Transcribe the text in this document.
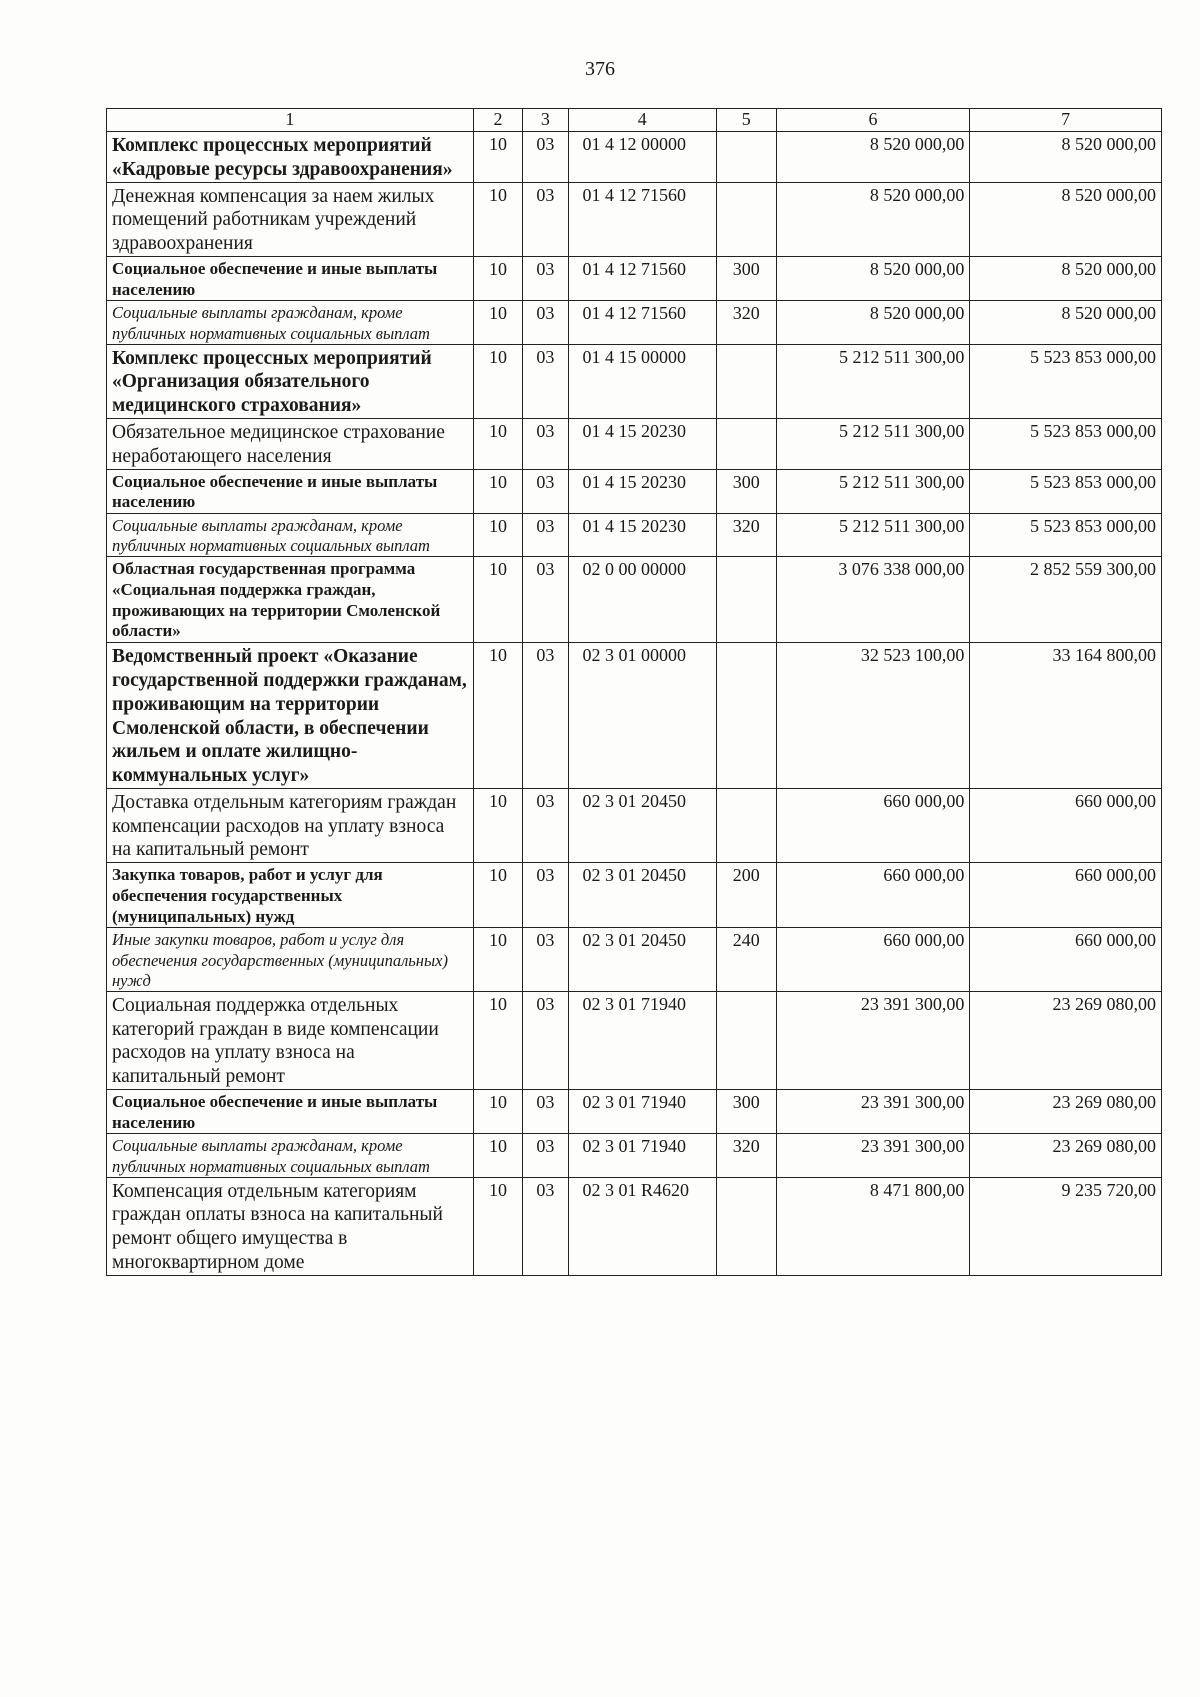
376
1	2	3	4	5	6	7
Комплекс процессных мероприятий «Кадровые ресурсы здравоохранения»	10	03	01 4 12 00000		8 520 000,00	8 520 000,00
Денежная компенсация за наем жилых помещений работникам учреждений здравоохранения	10	03	01 4 12 71560		8 520 000,00	8 520 000,00
Социальное обеспечение и иные выплаты населению	10	03	01 4 12 71560	300	8 520 000,00	8 520 000,00
Социальные выплаты гражданам, кроме публичных нормативных социальных выплат	10	03	01 4 12 71560	320	8 520 000,00	8 520 000,00
Комплекс процессных мероприятий «Организация обязательного медицинского страхования»	10	03	01 4 15 00000		5 212 511 300,00	5 523 853 000,00
Обязательное медицинское страхование неработающего населения	10	03	01 4 15 20230		5 212 511 300,00	5 523 853 000,00
Социальное обеспечение и иные выплаты населению	10	03	01 4 15 20230	300	5 212 511 300,00	5 523 853 000,00
Социальные выплаты гражданам, кроме публичных нормативных социальных выплат	10	03	01 4 15 20230	320	5 212 511 300,00	5 523 853 000,00
Областная государственная программа «Социальная поддержка граждан, проживающих на территории Смоленской области»	10	03	02 0 00 00000		3 076 338 000,00	2 852 559 300,00
Ведомственный проект «Оказание государственной поддержки гражданам, проживающим на территории Смоленской области, в обеспечении жильем и оплате жилищно-коммунальных услуг»	10	03	02 3 01 00000		32 523 100,00	33 164 800,00
Доставка отдельным категориям граждан компенсации расходов на уплату взноса на капитальный ремонт	10	03	02 3 01 20450		660 000,00	660 000,00
Закупка товаров, работ и услуг для обеспечения государственных (муниципальных) нужд	10	03	02 3 01 20450	200	660 000,00	660 000,00
Иные закупки товаров, работ и услуг для обеспечения государственных (муниципальных) нужд	10	03	02 3 01 20450	240	660 000,00	660 000,00
Социальная поддержка отдельных категорий граждан в виде компенсации расходов на уплату взноса на капитальный ремонт	10	03	02 3 01 71940		23 391 300,00	23 269 080,00
Социальное обеспечение и иные выплаты населению	10	03	02 3 01 71940	300	23 391 300,00	23 269 080,00
Социальные выплаты гражданам, кроме публичных нормативных социальных выплат	10	03	02 3 01 71940	320	23 391 300,00	23 269 080,00
Компенсация отдельным категориям граждан оплаты взноса на капитальный ремонт общего имущества в многоквартирном доме	10	03	02 3 01 R4620		8 471 800,00	9 235 720,00
